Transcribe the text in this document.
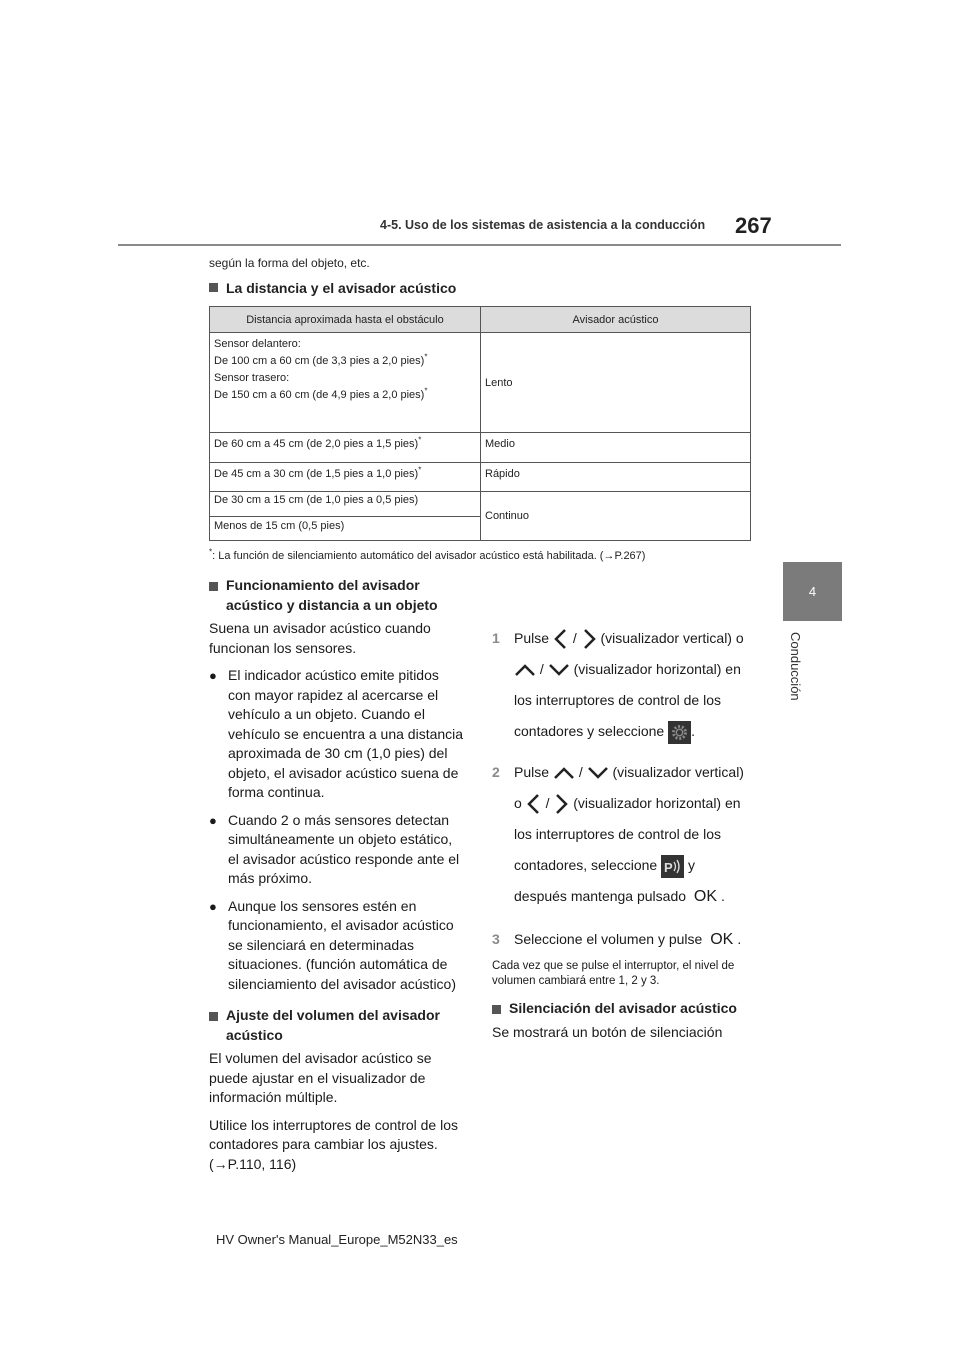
4-5. Uso de los sistemas de asistencia a la conducción 267
4
Conducción
según la forma del objeto, etc.
La distancia y el avisador acústico
Distancia aproximada hasta el obstáculo	Avisador acústico

Sensor delantero:
De 100 cm a 60 cm (de 3,3 pies a 2,0 pies)*
Sensor trasero:
De 150 cm a 60 cm (de 4,9 pies a 2,0 pies)*	Lento

De 60 cm a 45 cm (de 2,0 pies a 1,5 pies)*	Medio

De 45 cm a 30 cm (de 1,5 pies a 1,0 pies)*	Rápido

De 30 cm a 15 cm (de 1,0 pies a 0,5 pies)	Continuo

Menos de 15 cm (0,5 pies)	
*: La función de silenciamiento automático del avisador acústico está habilitada. (→P.267)
Funcionamiento del avisador acústico y distancia a un objeto

Suena un avisador acústico cuando funcionan los sensores.

● El indicador acústico emite pitidos con mayor rapidez al acercarse el vehículo a un objeto. Cuando el vehículo se encuentra a una distancia aproximada de 30 cm (1,0 pies) del objeto, el avisador acústico suena de forma continua.
● Cuando 2 o más sensores detectan simultáneamente un objeto estático, el avisador acústico responde ante el más próximo.
● Aunque los sensores estén en funcionamiento, el avisador acústico se silenciará en determinadas situaciones. (función automática de silenciamiento del avisador acústico)
Ajuste del volumen del avisador acústico

El volumen del avisador acústico se puede ajustar en el visualizador de información múltiple.

Utilice los interruptores de control de los contadores para cambiar los ajustes. (→P.110, 116)

1	Pulse / (visualizador vertical) o  / (visualizador horizontal) en los interruptores de control de los contadores y seleccione .
2	Pulse / (visualizador vertical) o / (visualizador horizontal) en los interruptores de control de los contadores, seleccione P y después mantenga pulsado OK .
3	Seleccione el volumen y pulse OK .

Cada vez que se pulse el interruptor, el nivel de volumen cambiará entre 1, 2 y 3.

Silenciación del avisador acústico

Se mostrará un botón de silenciación

HV Owner's Manual_Europe_M52N33_es
